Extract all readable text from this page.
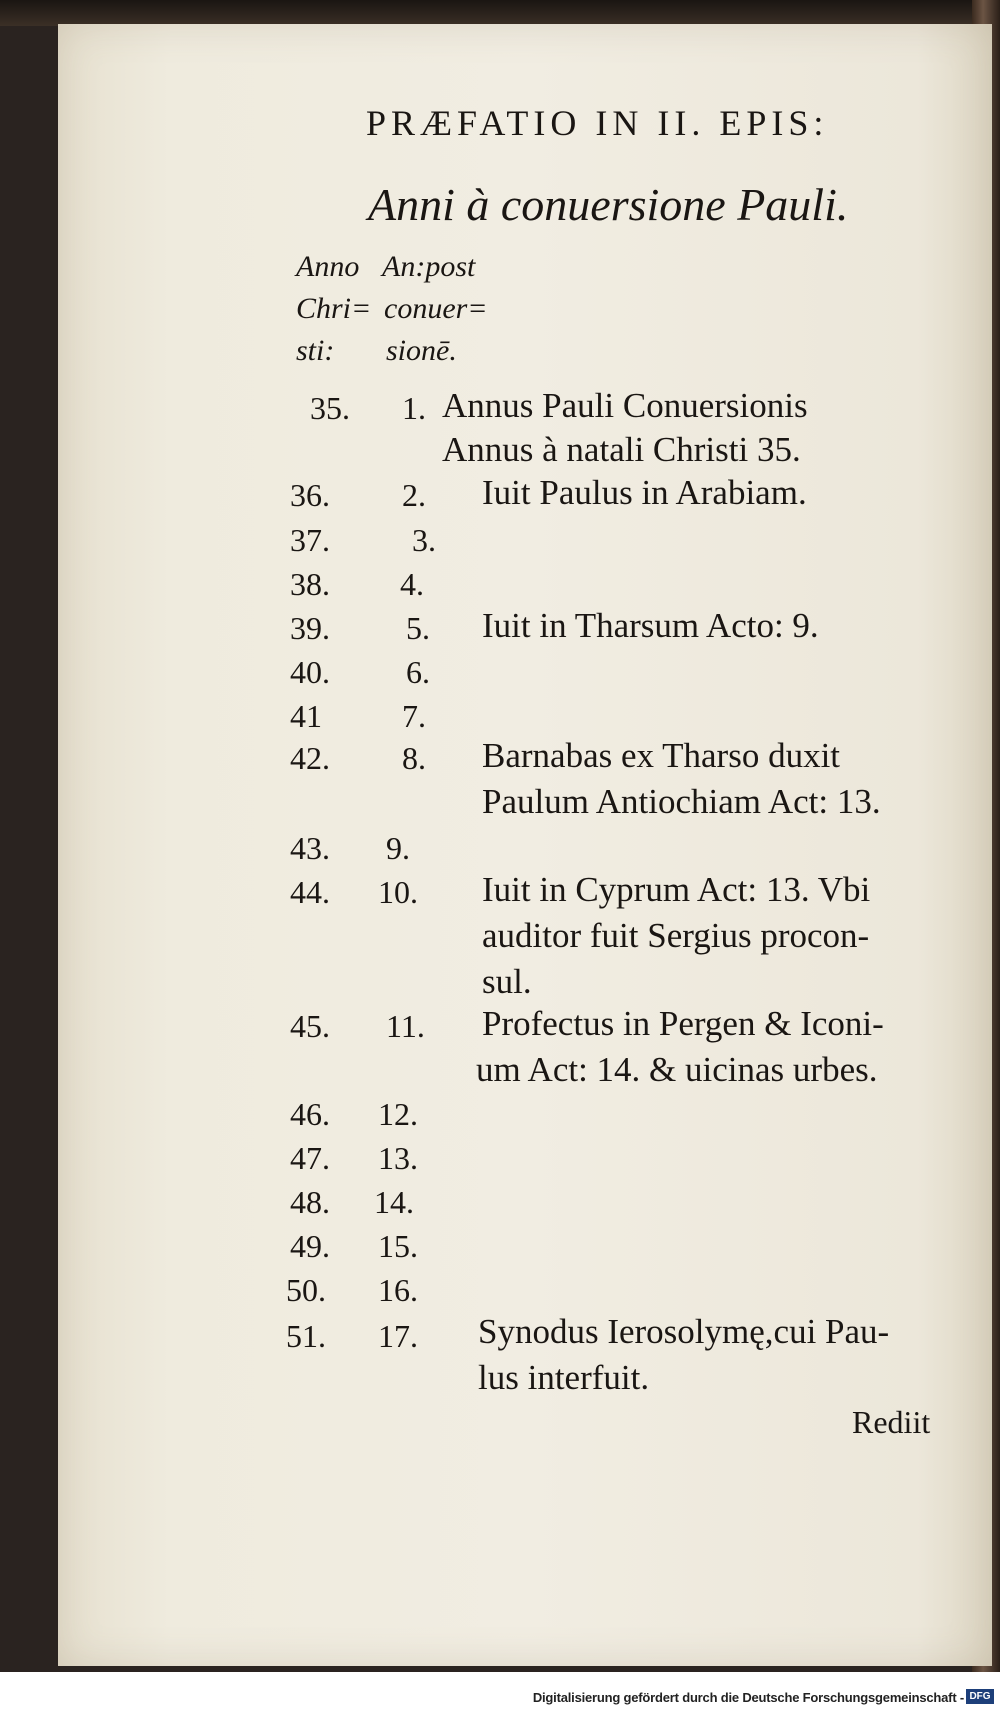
PRÆFATIO IN II. EPIS:
Anni à conuersione Pauli.
Anno
Chri=
sti:
An:post
conuer=
sionē.
35. 1. Annus Pauli Conuersionis
Annus à natali Christi 35.
36. 2. Iuit Paulus in Arabiam.
37.	3.
38. 4.
39. 5. Iuit in Tharsum Acto: 9.
40. 6.
41	7.
42. 8. Barnabas ex Tharso duxit
Paulum Antiochiam Act: 13.
43. 9.
44. 10. Iuit in Cyprum Act: 13. Vbi
auditor fuit Sergius procon-
sul.
45. 11. Profectus in Pergen & Iconi-
um Act: 14. & uicinas urbes.
46. 12.
47. 13.
48. 14.
49. 15.
50. 16.
51. 17. Synodus Ierosolymę,cui Pau-
lus interfuit.
Rediit
Digitalisierung gefördert durch die Deutsche Forschungsgemeinschaft - DFG
